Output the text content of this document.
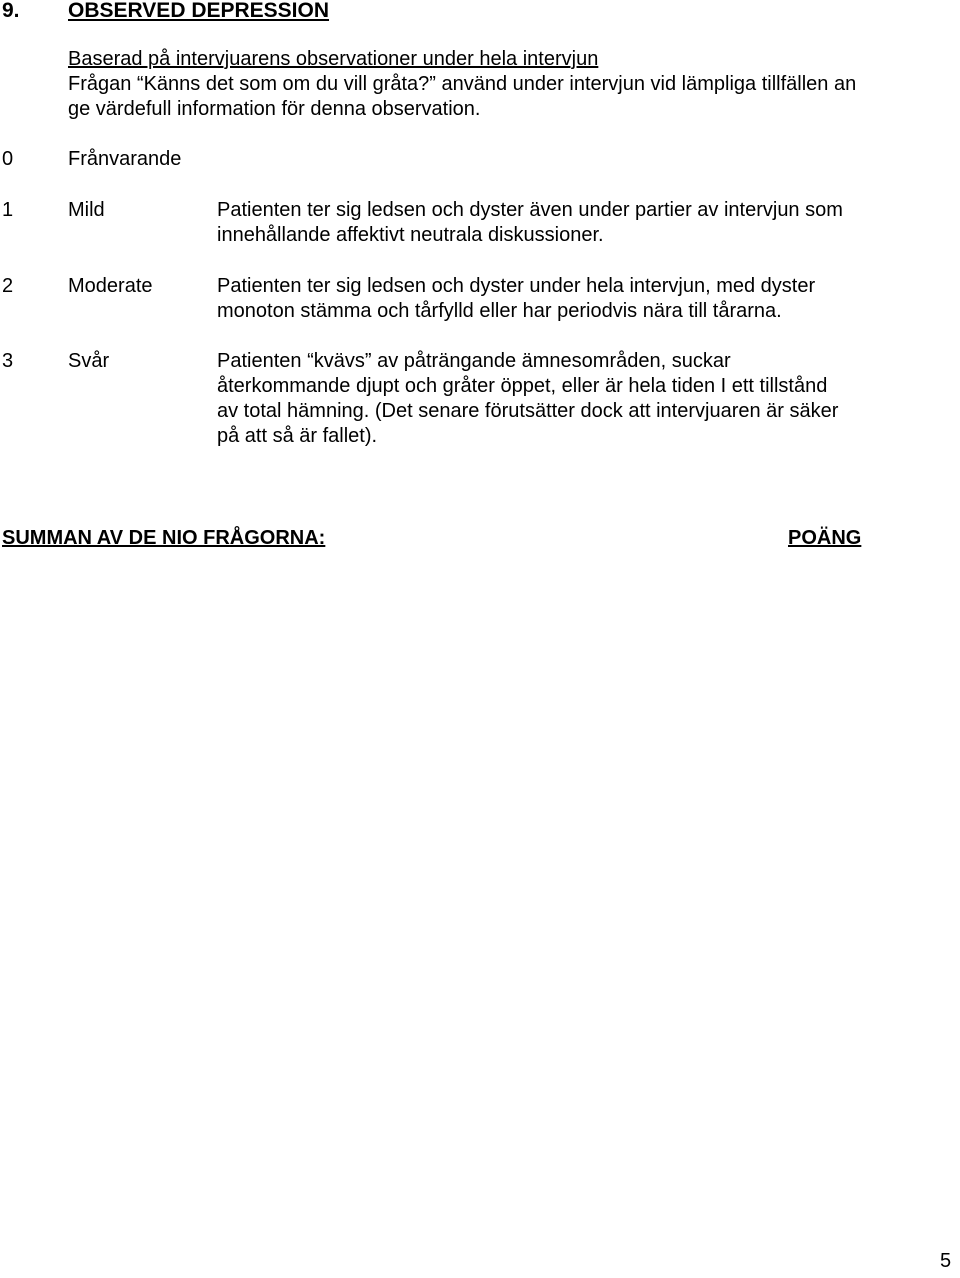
9. OBSERVED DEPRESSION
Baserad på intervjuarens observationer under hela intervjun
Frågan “Känns det som om du vill gråta?” använd under intervjun vid lämpliga tillfällen an
ge värdefull information för denna observation.
0	Frånvarande
1	Mild	Patienten ter sig ledsen och dyster även under partier av intervjun som
innehållande affektivt neutrala diskussioner.
2	Moderate	Patienten ter sig ledsen och dyster under hela intervjun, med dyster
monoton stämma och tårfylld eller har periodvis nära till tårarna.
3	Svår	Patienten “kvävs” av påträngande ämnesområden, suckar
återkommande djupt och gråter öppet, eller är hela tiden I ett tillstånd
av total hämning. (Det senare förutsätter dock att intervjuaren är säker
på att så är fallet).
SUMMAN AV DE NIO FRÅGORNA:	POÄNG
5
